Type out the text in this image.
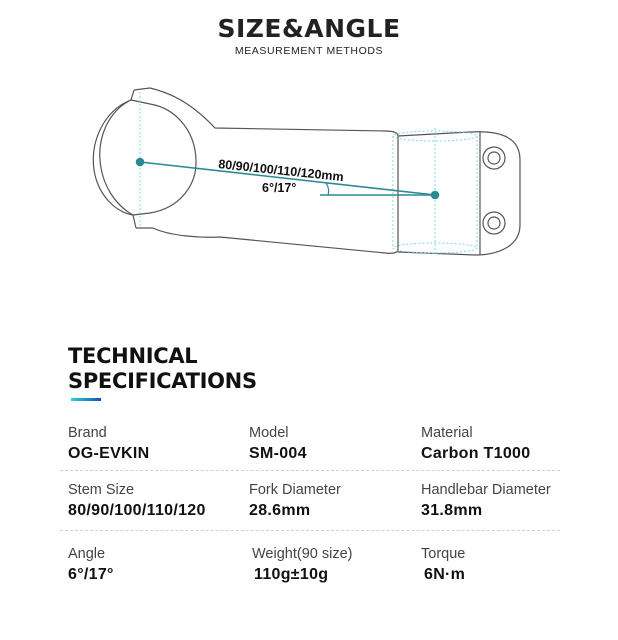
SIZE&ANGLE
MEASUREMENT METHODS
80/90/100/110/120mm
6°/17°
TECHNICAL
SPECIFICATIONS
Brand
OG-EVKIN
Model
SM-004
Material
Carbon T1000
Stem Size
80/90/100/110/120
Fork Diameter
28.6mm
Handlebar Diameter
31.8mm
Angle
6°/17°
Weight(90 size)
110g±10g
Torque
6N·m
